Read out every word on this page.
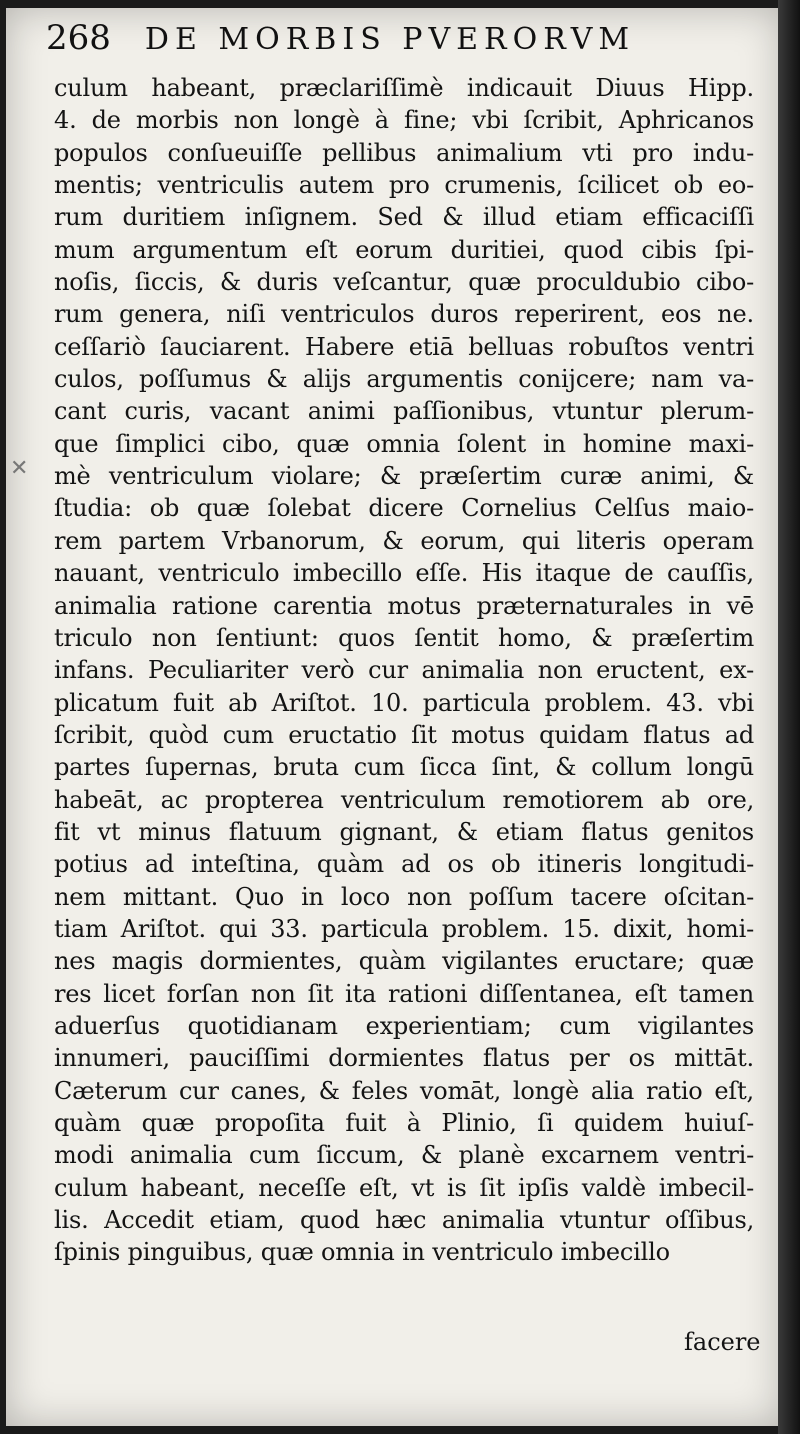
268 DE MORBIS PVERORVM
✕
culum habeant, præclariſſimè indicauit Diuus Hipp.
4. de morbis non longè à fine; vbi ſcribit, Aphricanos
populos conſueuiſſe pellibus animalium vti pro indu-
mentis; ventriculis autem pro crumenis, ſcilicet ob eo-
rum duritiem inſignem. Sed & illud etiam efficaciſſi
mum argumentum eſt eorum duritiei, quod cibis ſpi-
noſis, ſiccis, & duris veſcantur, quæ proculdubio cibo-
rum genera, niſi ventriculos duros reperirent, eos ne.
ceſſariò ſauciarent. Habere etiā belluas robuſtos ventri
culos, poſſumus & alijs argumentis conijcere; nam va-
cant curis, vacant animi paſſionibus, vtuntur plerum-
que ſimplici cibo, quæ omnia ſolent in homine maxi-
mè ventriculum violare; & præſertim curæ animi, &
ſtudia: ob quæ ſolebat dicere Cornelius Celſus maio-
rem partem Vrbanorum, & eorum, qui literis operam
nauant, ventriculo imbecillo eſſe. His itaque de cauſſis,
animalia ratione carentia motus præternaturales in vē
triculo non ſentiunt: quos ſentit homo, & præſertim
infans. Peculiariter verò cur animalia non eructent, ex-
plicatum fuit ab Ariſtot. 10. particula problem. 43. vbi
ſcribit, quòd cum eructatio ſit motus quidam flatus ad
partes ſupernas, bruta cum ſicca ſint, & collum longū
habeāt, ac propterea ventriculum remotiorem ab ore,
fit vt minus flatuum gignant, & etiam flatus genitos
potius ad inteſtina, quàm ad os ob itineris longitudi-
nem mittant. Quo in loco non poſſum tacere oſcitan-
tiam Ariſtot. qui 33. particula problem. 15. dixit, homi-
nes magis dormientes, quàm vigilantes eructare; quæ
res licet forſan non ſit ita rationi diſſentanea, eſt tamen
aduerſus quotidianam experientiam; cum vigilantes
innumeri, pauciſſimi dormientes flatus per os mittāt.
Cæterum cur canes, & feles vomāt, longè alia ratio eſt,
quàm quæ propoſita fuit à Plinio, ſi quidem huiuſ-
modi animalia cum ſiccum, & planè excarnem ventri-
culum habeant, neceſſe eſt, vt is ſit ipſis valdè imbecil-
lis. Accedit etiam, quod hæc animalia vtuntur oſſibus,
ſpinis pinguibus, quæ omnia in ventriculo imbecillo
facere
